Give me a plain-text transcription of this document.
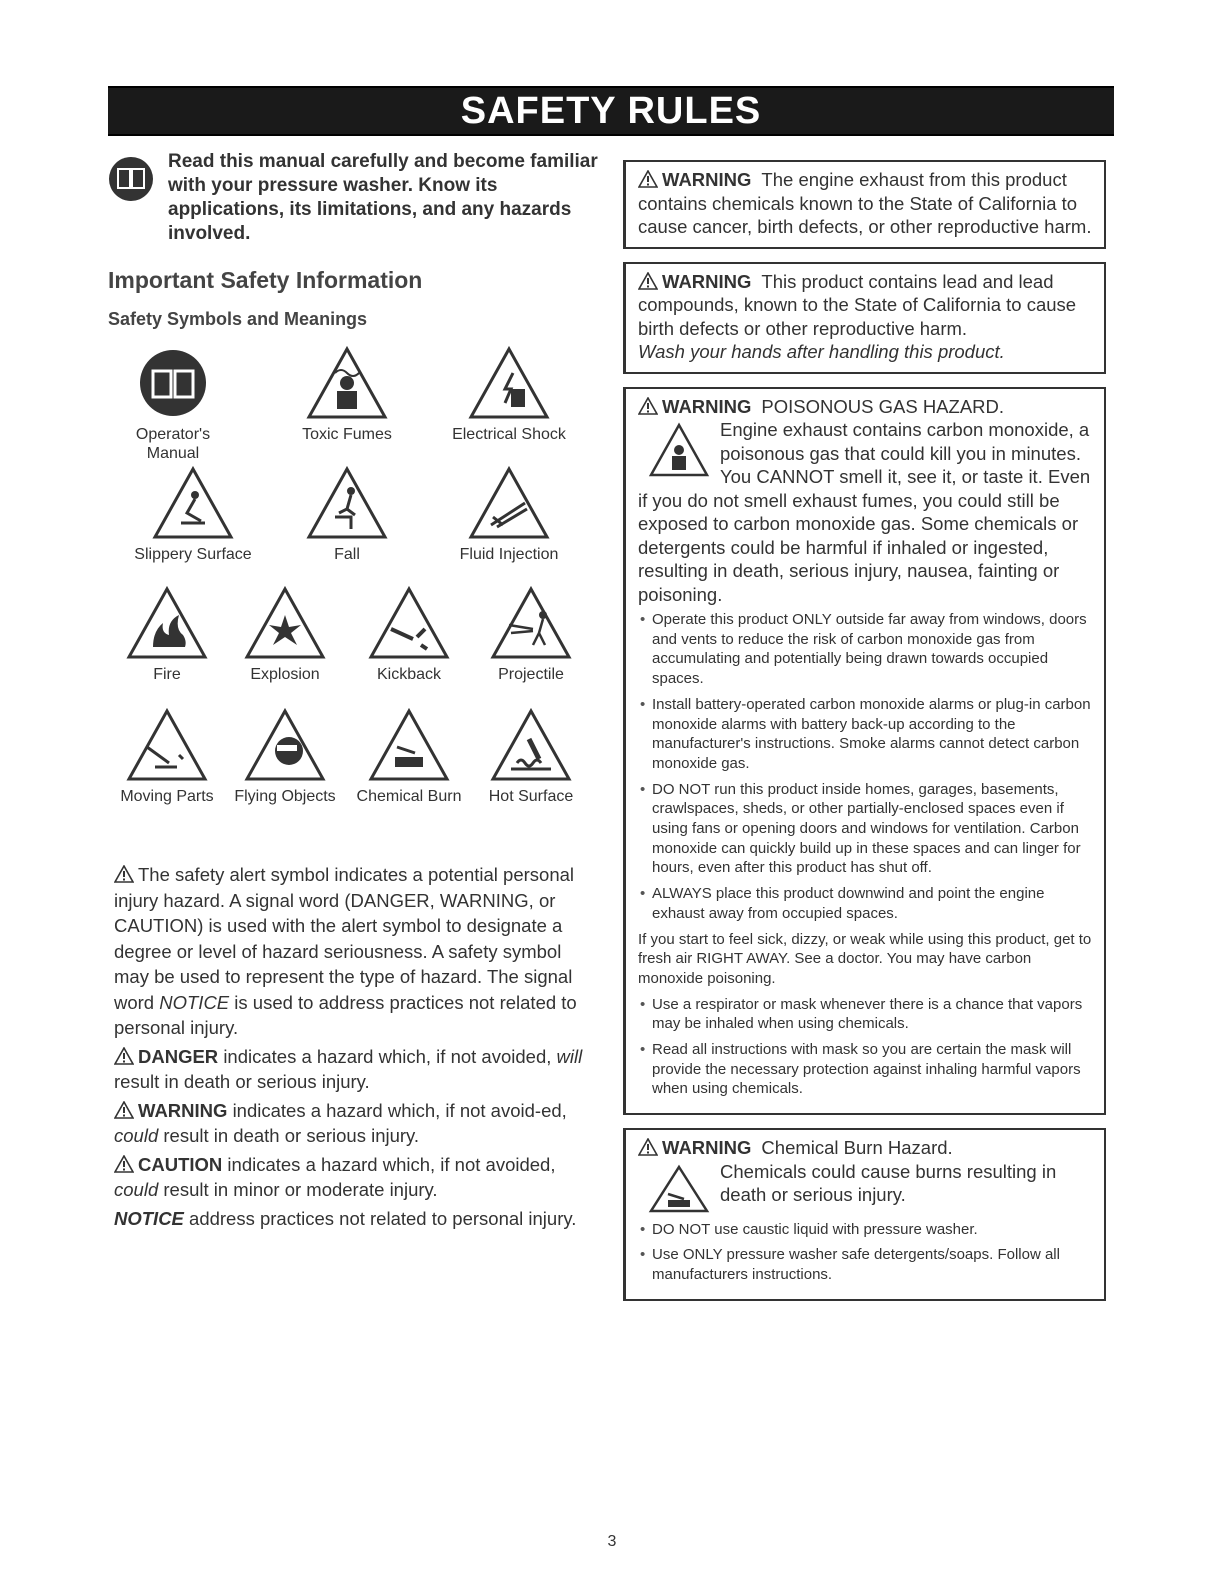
SAFETY RULES

Read this manual carefully and become familiar with your pressure washer. Know its applications, its limitations, and any hazards involved.

Important Safety Information
Safety Symbols and Meanings
Operator's Manual
Toxic Fumes	Electrical Shock
Slippery Surface	Fall	Fluid Injection
Fire	Explosion	Kickback	Projectile
Moving Parts	Flying Objects	Chemical Burn	Hot Surface

The safety alert symbol indicates a potential personal injury hazard. A signal word (DANGER, WARNING, or CAUTION) is used with the alert symbol to designate a degree or level of hazard seriousness. A safety symbol may be used to represent the type of hazard. The signal word NOTICE is used to address practices not related to personal injury.

DANGER indicates a hazard which, if not avoided, will result in death or serious injury.

WARNING indicates a hazard which, if not avoid-ed, could result in death or serious injury.

CAUTION indicates a hazard which, if not avoided, could result in minor or moderate injury.

NOTICE address practices not related to personal injury.

WARNING The engine exhaust from this product contains chemicals known to the State of California to cause cancer, birth defects, or other reproductive harm.

WARNING This product contains lead and lead compounds, known to the State of California to cause birth defects or other reproductive harm.

Wash your hands after handling this product.

WARNING POISONOUS GAS HAZARD.

Engine exhaust contains carbon monoxide, a poisonous gas that could kill you in minutes. You CANNOT smell it, see it, or taste it. Even if you do not smell exhaust fumes, you could still be exposed to carbon monoxide gas. Some chemicals or detergents could be harmful if inhaled or ingested, resulting in death, serious injury, nausea, fainting or poisoning.

• Operate this product ONLY outside far away from windows, doors and vents to reduce the risk of carbon monoxide gas from accumulating and potentially being drawn towards occupied spaces.
• Install battery-operated carbon monoxide alarms or plug-in carbon monoxide alarms with battery back-up according to the manufacturer's instructions. Smoke alarms cannot detect carbon monoxide gas.
• DO NOT run this product inside homes, garages, basements, crawlspaces, sheds, or other partially-enclosed spaces even if using fans or opening doors and windows for ventilation. Carbon monoxide can quickly build up in these spaces and can linger for hours, even after this product has shut off.
• ALWAYS place this product downwind and point the engine exhaust away from occupied spaces.

If you start to feel sick, dizzy, or weak while using this product, get to fresh air RIGHT AWAY. See a doctor. You may have carbon monoxide poisoning.

• Use a respirator or mask whenever there is a chance that vapors may be inhaled when using chemicals.
• Read all instructions with mask so you are certain the mask will provide the necessary protection against inhaling harmful vapors when using chemicals.

WARNING Chemical Burn Hazard.

Chemicals could cause burns resulting in death or serious injury.

• DO NOT use caustic liquid with pressure washer.
• Use ONLY pressure washer safe detergents/soaps. Follow all manufacturers instructions.
3
